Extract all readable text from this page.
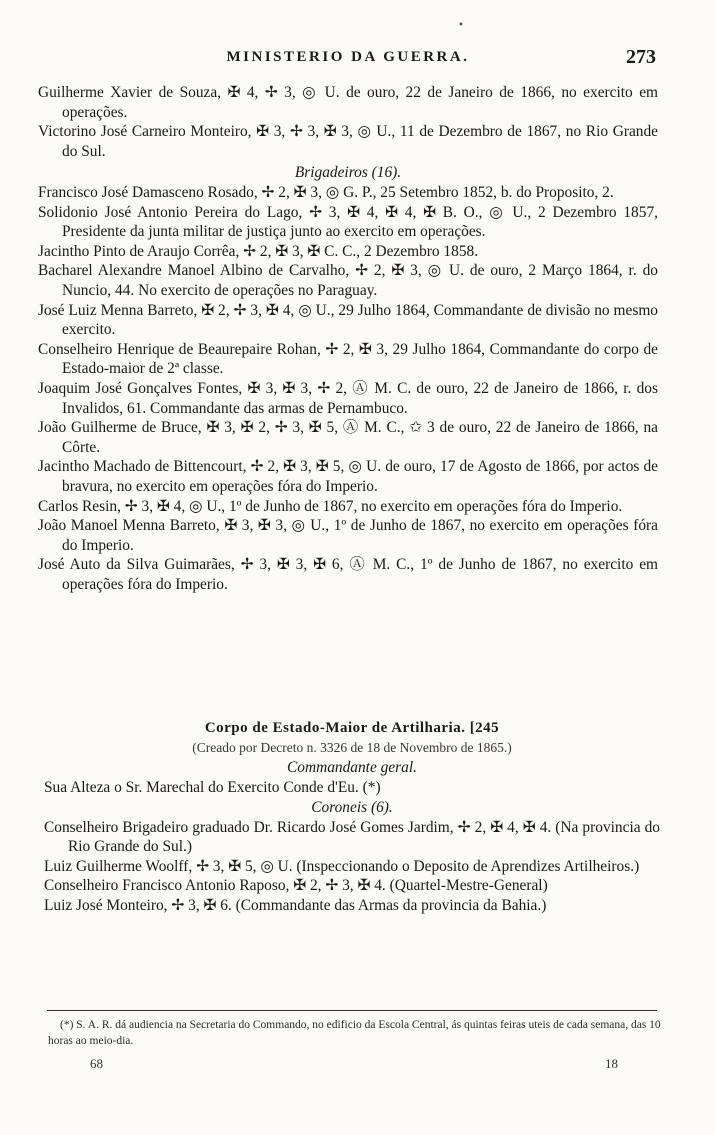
MINISTERIO DA GUERRA.	273
•
Guilherme Xavier de Souza, ✠ 4, ✢ 3, ◎ U. de ouro, 22 de Janeiro de 1866, no exercito em operações.
Victorino José Carneiro Monteiro, ✠ 3, ✢ 3, ✠ 3, ◎ U., 11 de Dezembro de 1867, no Rio Grande do Sul.
Brigadeiros (16).
Francisco José Damasceno Rosado, ✢ 2, ✠ 3, ◎ G. P., 25 Setembro 1852, b. do Proposito, 2.
Solidonio José Antonio Pereira do Lago, ✢ 3, ✠ 4, ✠ 4, ✠ B. O., ◎ U., 2 Dezembro 1857, Presidente da junta militar de justiça junto ao exercito em operações.
Jacintho Pinto de Araujo Corrêa, ✢ 2, ✠ 3, ✠ C. C., 2 Dezembro 1858.
Bacharel Alexandre Manoel Albino de Carvalho, ✢ 2, ✠ 3, ◎ U. de ouro, 2 Março 1864, r. do Nuncio, 44. No exercito de operações no Paraguay.
José Luiz Menna Barreto, ✠ 2, ✢ 3, ✠ 4, ◎ U., 29 Julho 1864, Commandante de divisão no mesmo exercito.
Conselheiro Henrique de Beaurepaire Rohan, ✢ 2, ✠ 3, 29 Julho 1864, Commandante do corpo de Estado-maior de 2ª classe.
Joaquim José Gonçalves Fontes, ✠ 3, ✠ 3, ✢ 2, Ⓐ M. C. de ouro, 22 de Janeiro de 1866, r. dos Invalidos, 61. Commandante das armas de Pernambuco.
João Guilherme de Bruce, ✠ 3, ✠ 2, ✢ 3, ✠ 5, Ⓐ M. C., ✩ 3 de ouro, 22 de Janeiro de 1866, na Côrte.
Jacintho Machado de Bittencourt, ✢ 2, ✠ 3, ✠ 5, ◎ U. de ouro, 17 de Agosto de 1866, por actos de bravura, no exercito em operações fóra do Imperio.
Carlos Resin, ✢ 3, ✠ 4, ◎ U., 1º de Junho de 1867, no exercito em operações fóra do Imperio.
João Manoel Menna Barreto, ✠ 3, ✠ 3, ◎ U., 1º de Junho de 1867, no exercito em operações fóra do Imperio.
José Auto da Silva Guimarães, ✢ 3, ✠ 3, ✠ 6, Ⓐ M. C., 1º de Junho de 1867, no exercito em operações fóra do Imperio.
Corpo de Estado-Maior de Artilharia. [245
(Creado por Decreto n. 3326 de 18 de Novembro de 1865.)
Commandante geral.
Sua Alteza o Sr. Marechal do Exercito Conde d'Eu. (*)
Coroneis (6).
Conselheiro Brigadeiro graduado Dr. Ricardo José Gomes Jardim, ✢ 2, ✠ 4, ✠ 4. (Na provincia do Rio Grande do Sul.)
Luiz Guilherme Woolff, ✢ 3, ✠ 5, ◎ U. (Inspeccionando o Deposito de Aprendizes Artilheiros.)
Conselheiro Francisco Antonio Raposo, ✠ 2, ✢ 3, ✠ 4. (Quartel-Mestre-General)
Luiz José Monteiro, ✢ 3, ✠ 6. (Commandante das Armas da provincia da Bahia.)
(*) S. A. R. dá audiencia na Secretaria do Commando, no edificio da Escola Central, ás quintas feiras uteis de cada semana, das 10 horas ao meio-dia.
68	18
